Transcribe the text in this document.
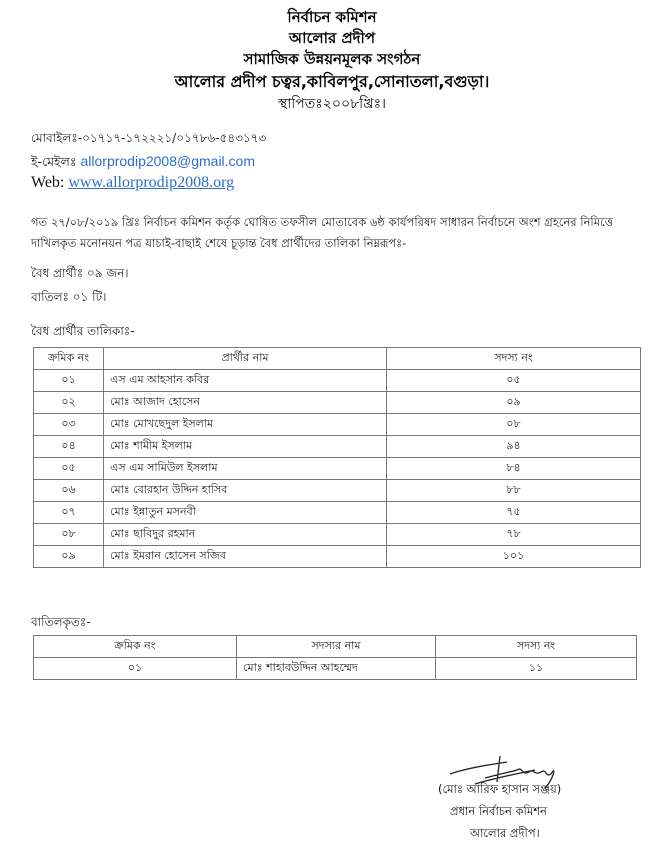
নির্বাচন কমিশন
আলোর প্রদীপ
সামাজিক উন্নয়নমূলক সংগঠন
আলোর প্রদীপ চত্বর,কাবিলপুর,সোনাতলা,বগুড়া।
স্থাপিতঃ২০০৮খ্রিঃ।
মোবাইলঃ-০১৭১৭-১৭২২২১/০১৭৮৬-৫৪৩১৭৩
ই-মেইলঃ allorprodip2008@gmail.com
Web: www.allorprodip2008.org
গত ২৭/০৮/২০১৯ খ্রিঃ নির্বাচন কমিশন কর্তৃক ঘোষিত তফসীল মোতাবেক ৬ষ্ঠ কার্যপরিষদ সাধারন নির্বাচনে অংশ গ্রহনের নিমিত্তে দাখিলকৃত মনোনয়ন পত্র যাচাই-বাছাই শেষে চূড়ান্ত বৈধ প্রার্থীদের তালিকা নিম্নরূপঃ-
বৈধ প্রার্থীঃ ০৯ জন।
বাতিলঃ ০১ টি।
বৈধ প্রার্থীর তালিকাঃ-
ক্রমিক নং	প্রার্থীর নাম	সদস্য নং
০১	এস এম আহসান কবির	০৫
০২	মোঃ আজাদ হোসেন	০৯
০৩	মোঃ মোখছেদুল ইসলাম	০৮
০৪	মোঃ শামীম ইসলাম	৯৪
০৫	এস এম সামিউল ইসলাম	৮৪
০৬	মোঃ বোরহান উদ্দিন হাসিব	৮৮
০৭	মোঃ ইন্নাতুন মসনবী	৭৫
০৮	মোঃ ছাবিদুর রহমান	৭৮
০৯	মোঃ ইমরান হোসেন সজিব	১০১
বাতিলকৃতঃ-
ক্রমিক নং	সদস্যর নাম	সদস্য নং
০১	মোঃ শাহাবউদ্দিন আহম্মেদ	১১
(মোঃ আরিফ হাসান সঞ্জয়)
প্রধান নির্বাচন কমিশন
আলোর প্রদীপ।
